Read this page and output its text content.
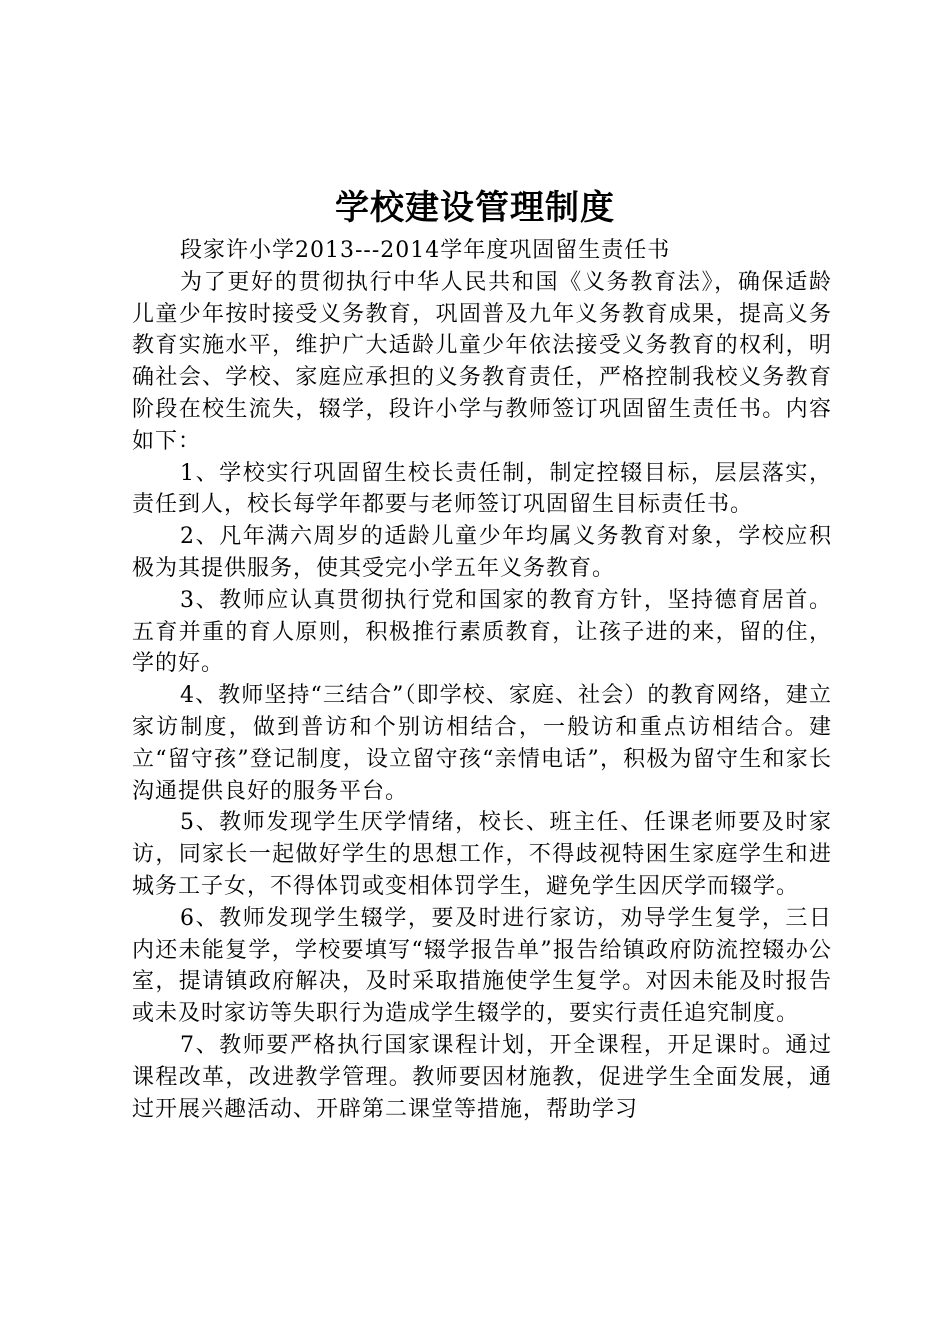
学校建设管理制度

段家许小学2013---2014学年度巩固留生责任书

为了更好的贯彻执行中华人民共和国《义务教育法》，确保适龄儿童少年按时接受义务教育，巩固普及九年义务教育成果，提高义务教育实施水平，维护广大适龄儿童少年依法接受义务教育的权利，明确社会、学校、家庭应承担的义务教育责任，严格控制我校义务教育阶段在校生流失，辍学，段许小学与教师签订巩固留生责任书。内容如下：

1、学校实行巩固留生校长责任制，制定控辍目标，层层落实，责任到人，校长每学年都要与老师签订巩固留生目标责任书。

2、凡年满六周岁的适龄儿童少年均属义务教育对象，学校应积极为其提供服务，使其受完小学五年义务教育。

3、教师应认真贯彻执行党和国家的教育方针，坚持德育居首。五育并重的育人原则，积极推行素质教育，让孩子进的来，留的住，学的好。

4、教师坚持“三结合”（即学校、家庭、社会）的教育网络，建立家访制度，做到普访和个别访相结合，一般访和重点访相结合。建立“留守孩”登记制度，设立留守孩“亲情电话”，积极为留守生和家长沟通提供良好的服务平台。

5、教师发现学生厌学情绪，校长、班主任、任课老师要及时家访，同家长一起做好学生的思想工作，不得歧视特困生家庭学生和进城务工子女，不得体罚或变相体罚学生，避免学生因厌学而辍学。

6、教师发现学生辍学，要及时进行家访，劝导学生复学，三日内还未能复学，学校要填写“辍学报告单”报告给镇政府防流控辍办公室，提请镇政府解决，及时采取措施使学生复学。对因未能及时报告或未及时家访等失职行为造成学生辍学的，要实行责任追究制度。

7、教师要严格执行国家课程计划，开全课程，开足课时。通过课程改革，改进教学管理。教师要因材施教，促进学生全面发展，通过开展兴趣活动、开辟第二课堂等措施，帮助学习
